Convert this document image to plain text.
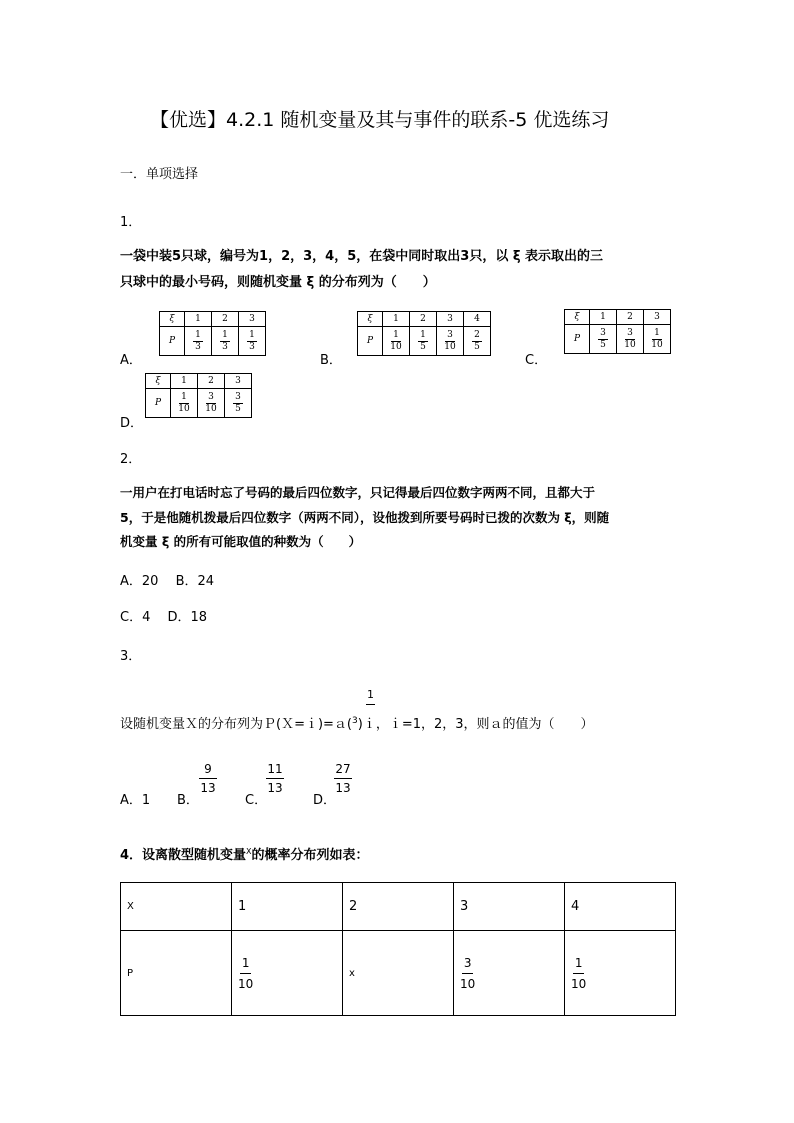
【优选】4.2.1 随机变量及其与事件的联系-5 优选练习
一．单项选择
1．
一袋中装5只球，编号为1，2，3，4，5，在袋中同时取出3只，以 ξ 表示取出的三
只球中的最小号码，则随机变量 ξ 的分布列为（　　）
A．
ξ	1	2	3
P	$\frac{1}{3}$	$\frac{1}{3}$	$\frac{1}{3}$
B．
ξ	1	2	3	4
P	$\frac{1}{10}$	$\frac{1}{5}$	$\frac{3}{10}$	$\frac{2}{5}$
C．
ξ	1	2	3
P	$\frac{3}{5}$	$\frac{3}{10}$	$\frac{1}{10}$
D．
ξ	1	2	3
P	$\frac{1}{10}$	$\frac{3}{10}$	$\frac{3}{5}$
2．
一用户在打电话时忘了号码的最后四位数字，只记得最后四位数字两两不同，且都大于
5，于是他随机拨最后四位数字（两两不同），设他拨到所要号码时已拨的次数为 ξ，则随
机变量 ξ 的所有可能取值的种数为（　　）
A．20　 B．24
C．4　 D．18
3．
1
设随机变量Ｘ的分布列为Ｐ(Ｘ=ｉ)=ａ($^3$)ｉ，ｉ=1，2，3，则ａ的值为（　　）
A．1 B．
9
13
C．
11
13
D．
27
13
4．设离散型随机变量$^X$的概率分布列如表：
X	1	2	3	4
P	$\frac{1}{10}$	x	$\frac{3}{10}$	$\frac{1}{10}$
